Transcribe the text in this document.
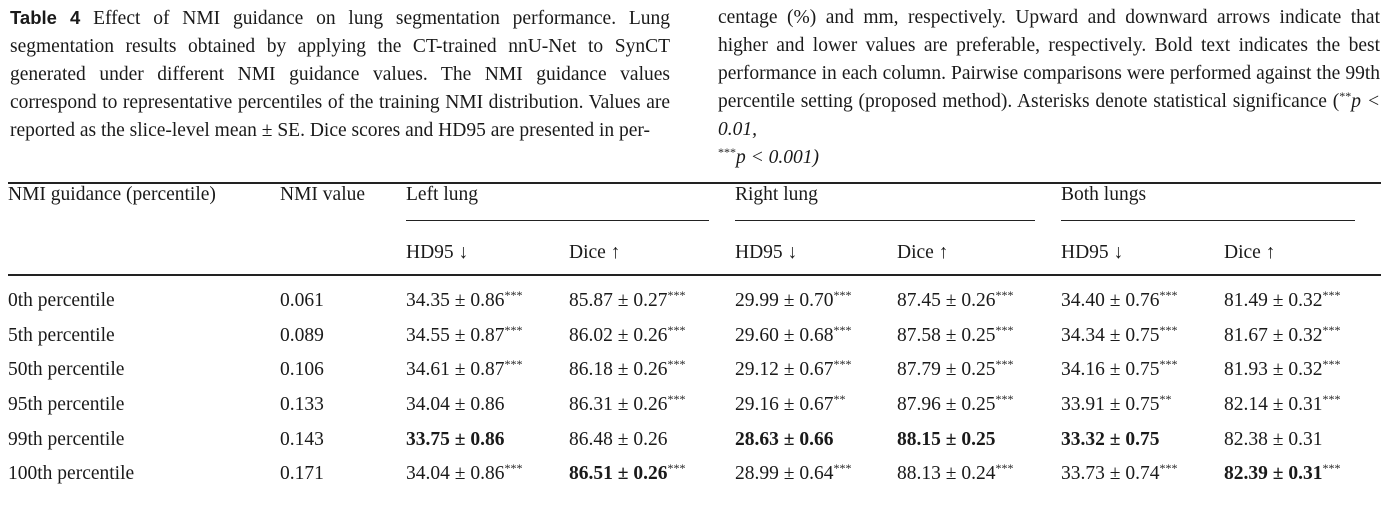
Table 4 Effect of NMI guidance on lung segmentation performance. Lung segmentation results obtained by applying the CT-trained nnU-Net to SynCT generated under different NMI guidance values. The NMI guidance values correspond to representative percentiles of the training NMI distribution. Values are reported as the slice-level mean ± SE. Dice scores and HD95 are presented in per-
centage (%) and mm, respectively. Upward and downward arrows indicate that higher and lower values are preferable, respectively. Bold text indicates the best performance in each column. Pairwise comparisons were performed against the 99th percentile setting (proposed method). Asterisks denote statistical significance (**p < 0.01,
***p < 0.001)
NMI guidance (percentile)	NMI value	Left lung		Right lung		Both lungs	

		HD95 ↓	Dice ↑	HD95 ↓	Dice ↑	HD95 ↓	Dice ↑
0th percentile	0.061	34.35 ± 0.86***	85.87 ± 0.27***	29.99 ± 0.70***	87.45 ± 0.26***	34.40 ± 0.76***	81.49 ± 0.32***
5th percentile	0.089	34.55 ± 0.87***	86.02 ± 0.26***	29.60 ± 0.68***	87.58 ± 0.25***	34.34 ± 0.75***	81.67 ± 0.32***
50th percentile	0.106	34.61 ± 0.87***	86.18 ± 0.26***	29.12 ± 0.67***	87.79 ± 0.25***	34.16 ± 0.75***	81.93 ± 0.32***
95th percentile	0.133	34.04 ± 0.86	86.31 ± 0.26***	29.16 ± 0.67**	87.96 ± 0.25***	33.91 ± 0.75**	82.14 ± 0.31***
99th percentile	0.143	33.75 ± 0.86	86.48 ± 0.26	28.63 ± 0.66	88.15 ± 0.25	33.32 ± 0.75	82.38 ± 0.31
100th percentile	0.171	34.04 ± 0.86***	86.51 ± 0.26***	28.99 ± 0.64***	88.13 ± 0.24***	33.73 ± 0.74***	82.39 ± 0.31***
